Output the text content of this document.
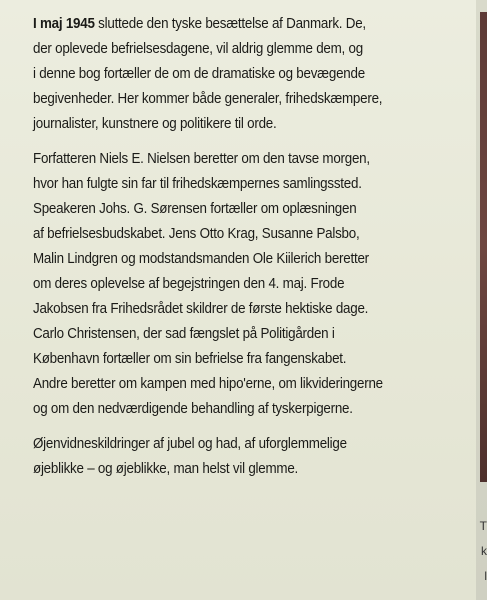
I maj 1945 sluttede den tyske besættelse af Danmark. De,
der oplevede befrielsesdagene, vil aldrig glemme dem, og
i denne bog fortæller de om de dramatiske og bevægende
begivenheder. Her kommer både generaler, frihedskæmpere,
journalister, kunstnere og politikere til orde.

Forfatteren Niels E. Nielsen beretter om den tavse morgen,
hvor han fulgte sin far til frihedskæmpernes samlingssted.
Speakeren Johs. G. Sørensen fortæller om oplæsningen
af befrielsesbudskabet. Jens Otto Krag, Susanne Palsbo,
Malin Lindgren og modstandsmanden Ole Kiilerich beretter
om deres oplevelse af begejstringen den 4. maj. Frode
Jakobsen fra Frihedsrådet skildrer de første hektiske dage.
Carlo Christensen, der sad fængslet på Politigården i
København fortæller om sin befrielse fra fangenskabet.
Andre beretter om kampen med hipo'erne, om likvideringerne
og om den nedværdigende behandling af tyskerpigerne.

Øjenvidneskildringer af jubel og had, af uforglemmelige
øjeblikke – og øjeblikke, man helst vil glemme.

T
k
l
